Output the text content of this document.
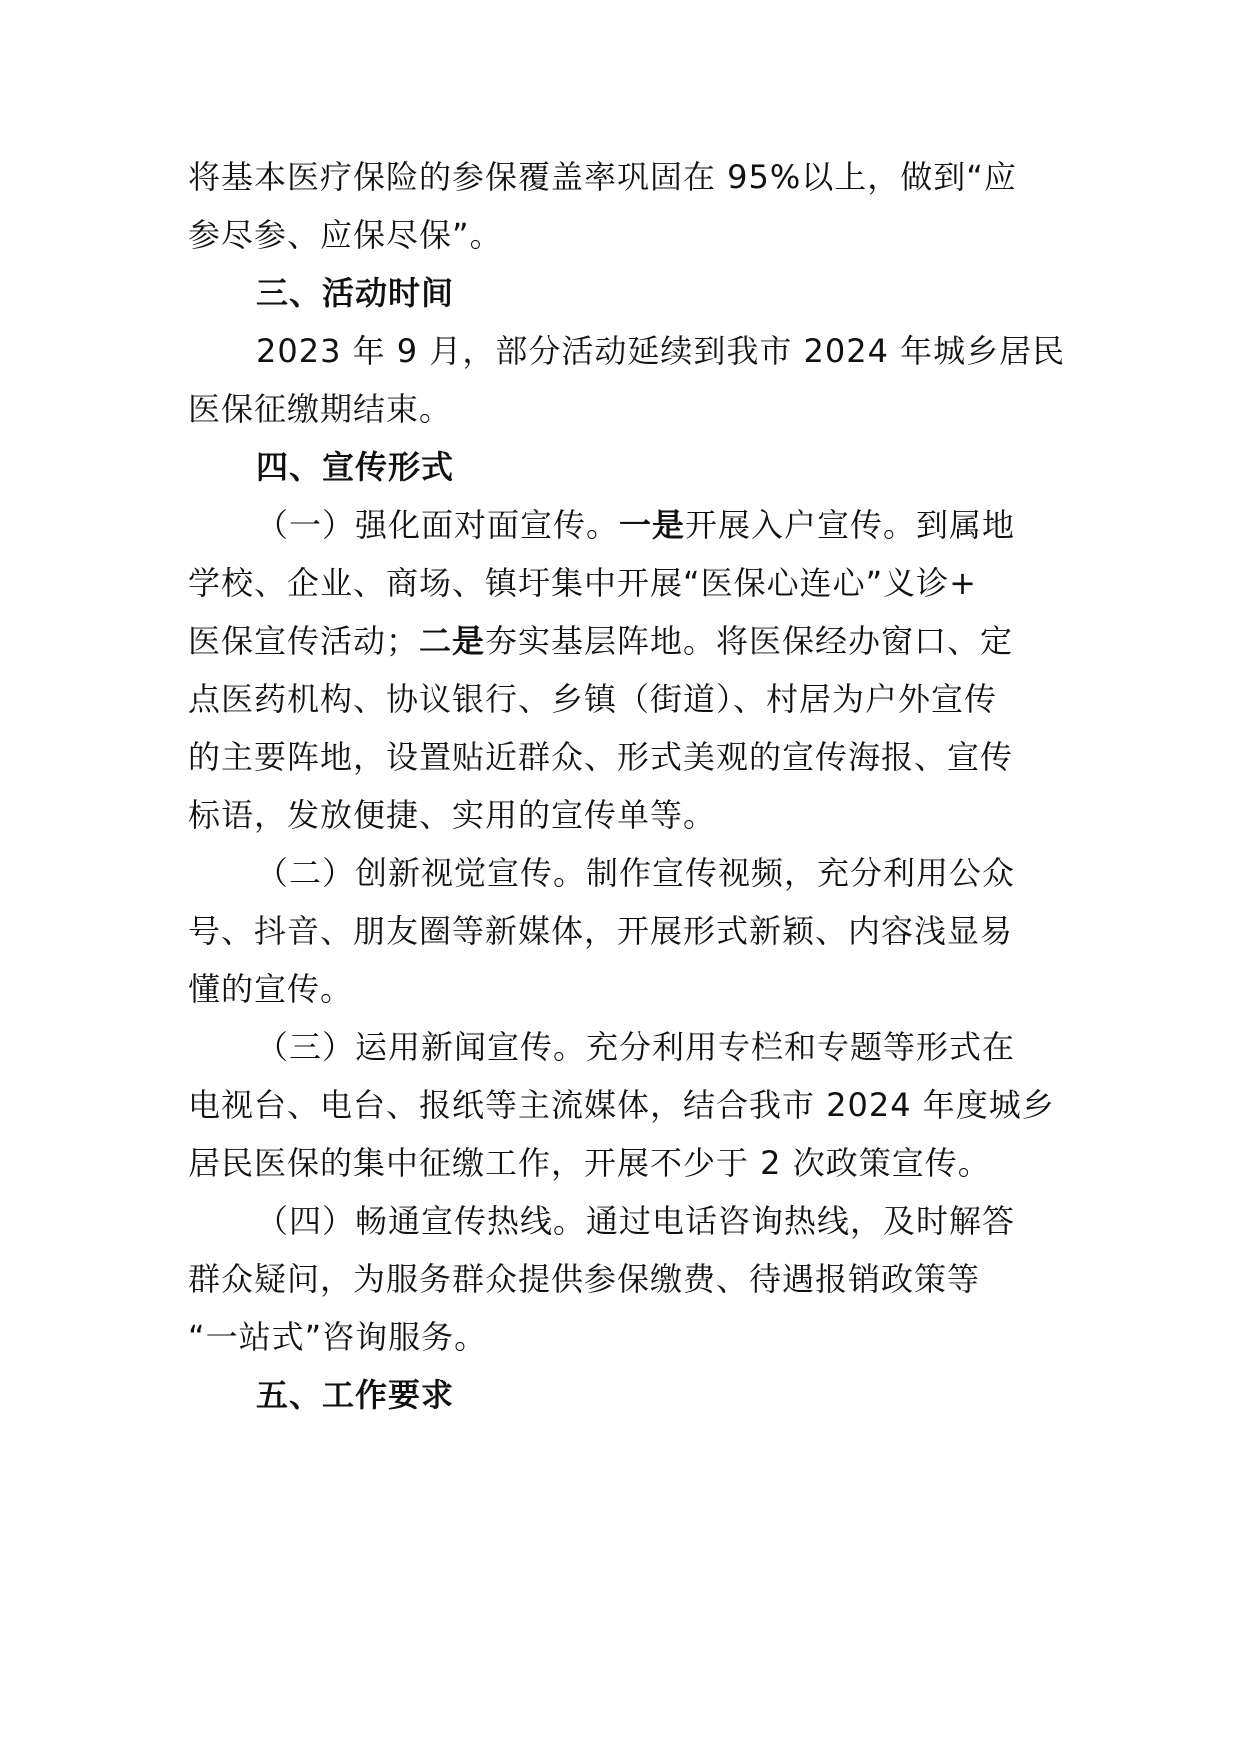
将基本医疗保险的参保覆盖率巩固在 95%以上，做到“应
参尽参、应保尽保”。
三、活动时间
2023 年 9 月，部分活动延续到我市 2024 年城乡居民
医保征缴期结束。
四、宣传形式
（一）强化面对面宣传。一是开展入户宣传。到属地
学校、企业、商场、镇圩集中开展“医保心连心”义诊+
医保宣传活动；二是夯实基层阵地。将医保经办窗口、定
点医药机构、协议银行、乡镇（街道）、村居为户外宣传
的主要阵地，设置贴近群众、形式美观的宣传海报、宣传
标语，发放便捷、实用的宣传单等。
（二）创新视觉宣传。制作宣传视频，充分利用公众
号、抖音、朋友圈等新媒体，开展形式新颖、内容浅显易
懂的宣传。
（三）运用新闻宣传。充分利用专栏和专题等形式在
电视台、电台、报纸等主流媒体，结合我市 2024 年度城乡
居民医保的集中征缴工作，开展不少于 2 次政策宣传。
（四）畅通宣传热线。通过电话咨询热线，及时解答
群众疑问，为服务群众提供参保缴费、待遇报销政策等
“一站式”咨询服务。
五、工作要求
